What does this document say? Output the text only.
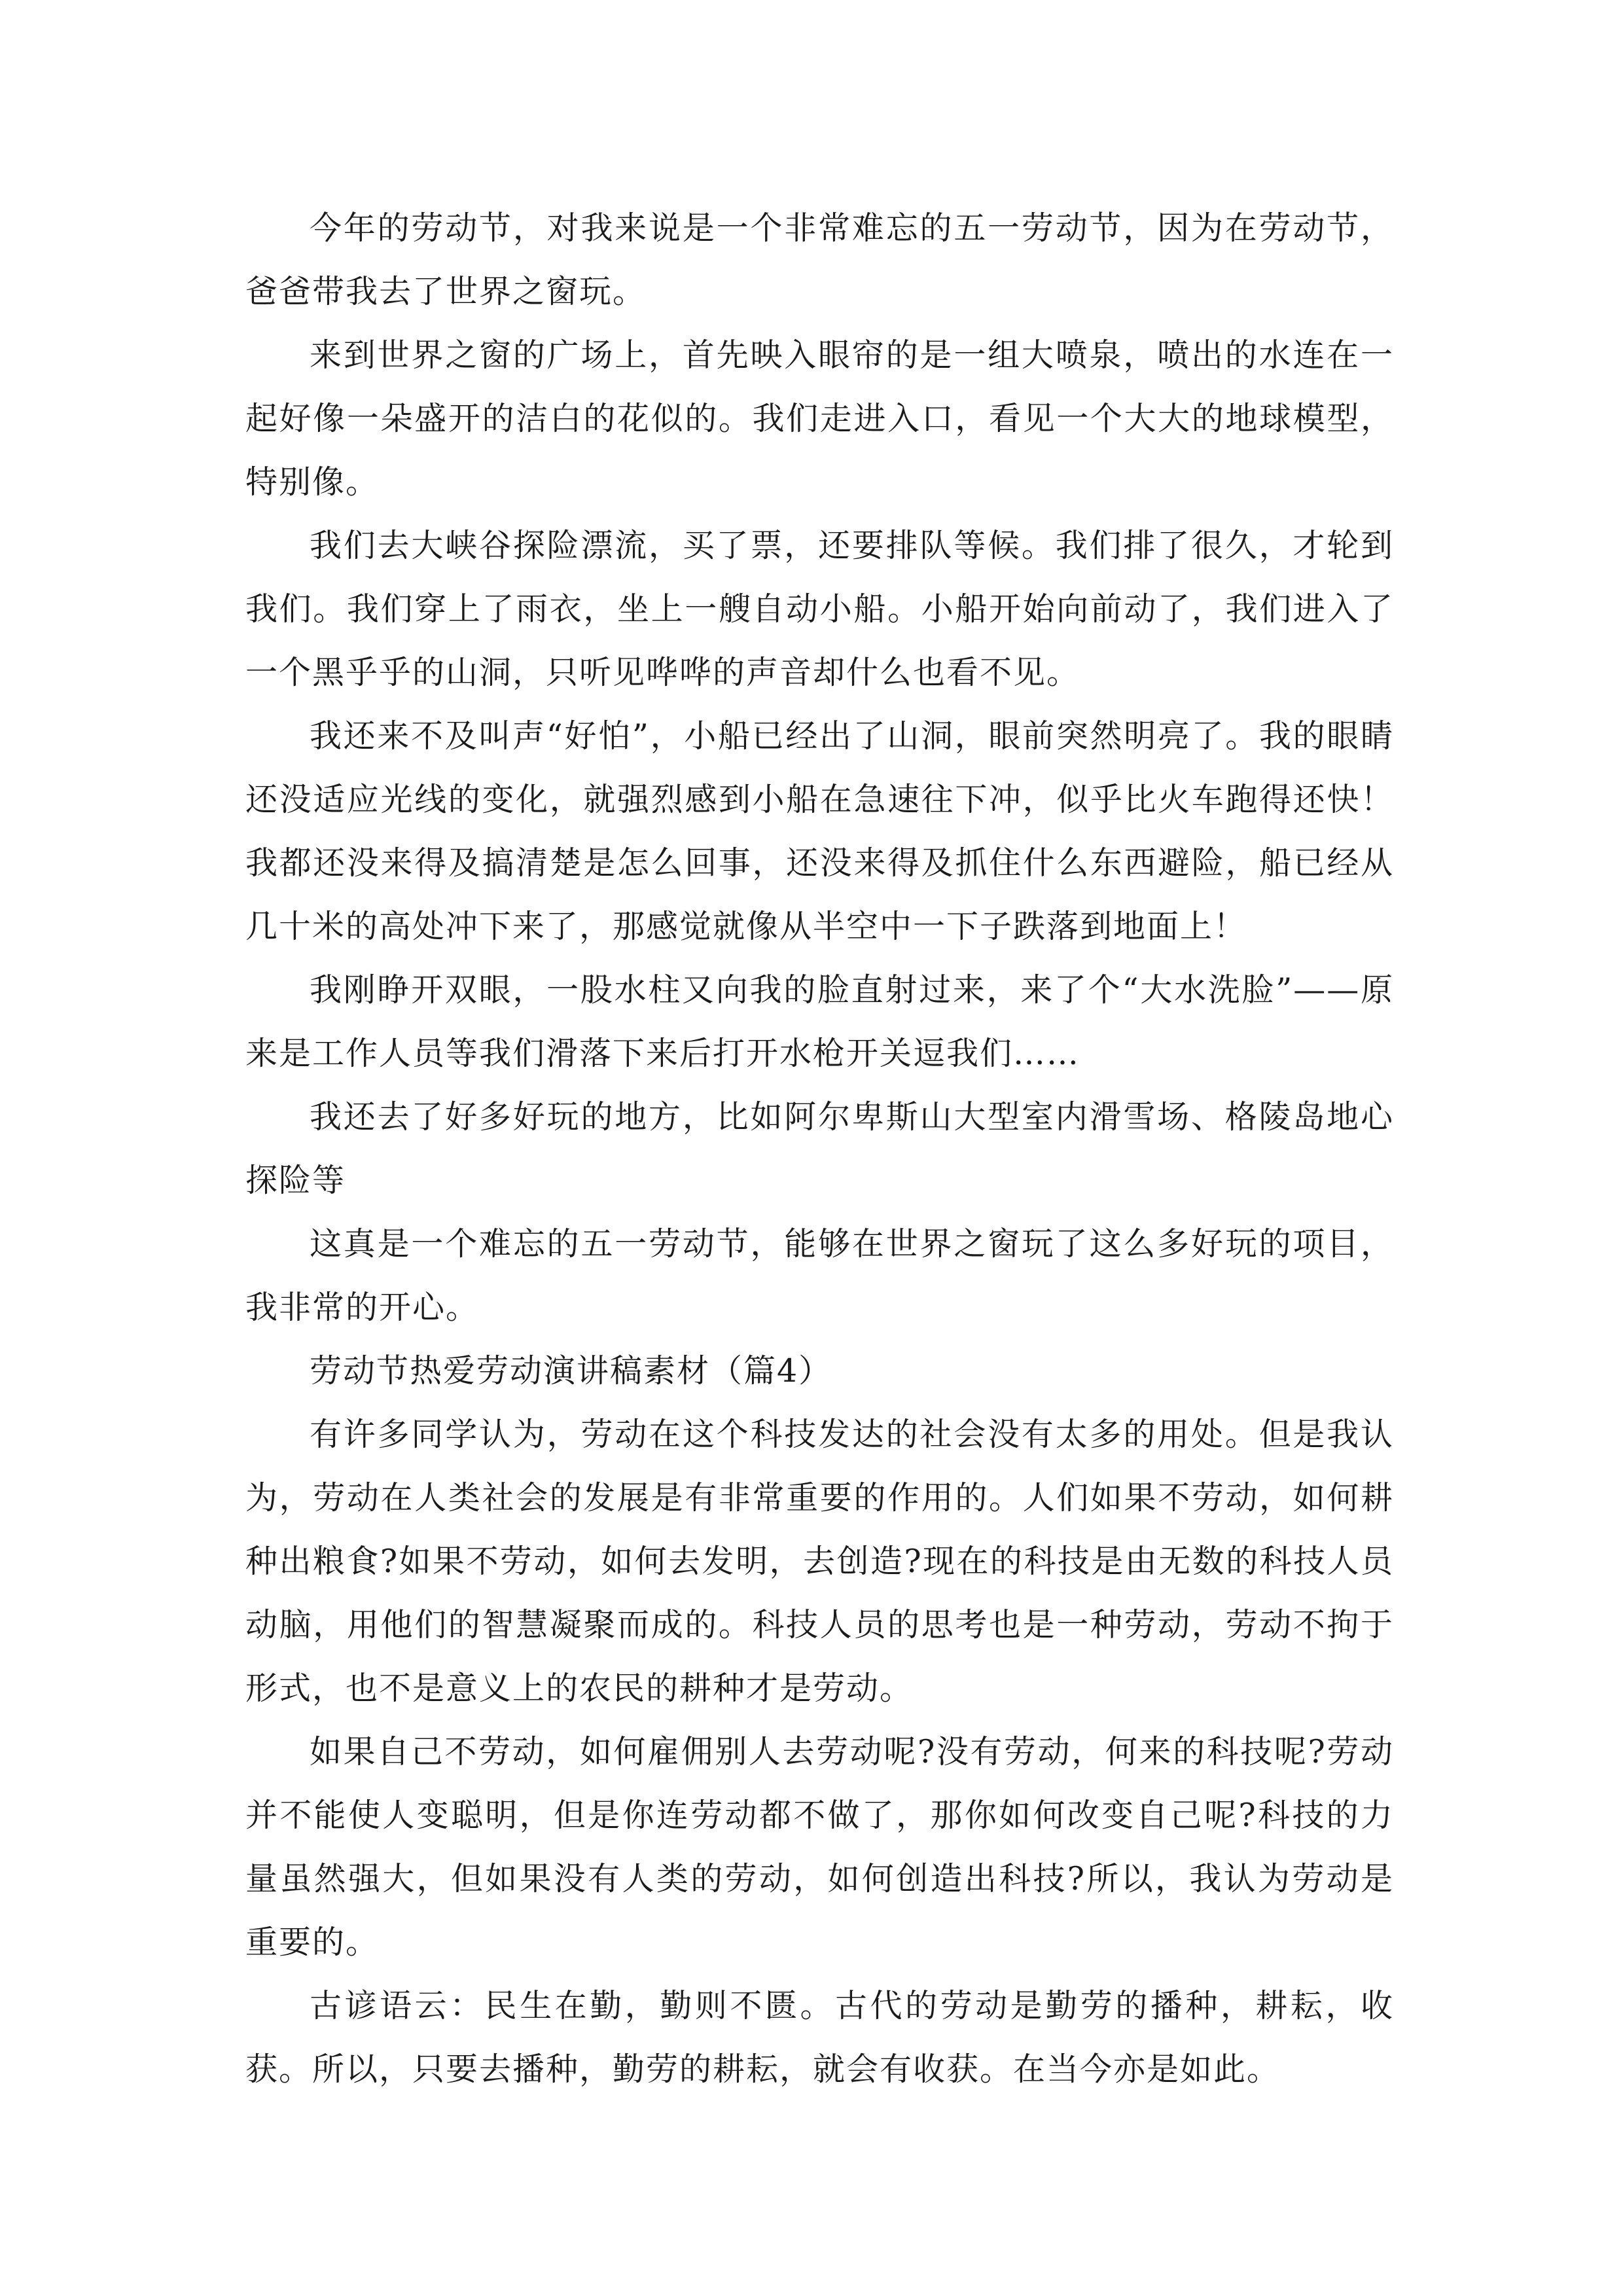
今年的劳动节，对我来说是一个非常难忘的五一劳动节，因为在劳动节，爸爸带我去了世界之窗玩。

来到世界之窗的广场上，首先映入眼帘的是一组大喷泉，喷出的水连在一起好像一朵盛开的洁白的花似的。我们走进入口，看见一个大大的地球模型，特别像。

我们去大峡谷探险漂流，买了票，还要排队等候。我们排了很久，才轮到我们。我们穿上了雨衣，坐上一艘自动小船。小船开始向前动了，我们进入了一个黑乎乎的山洞，只听见哗哗的声音却什么也看不见。

我还来不及叫声“好怕”，小船已经出了山洞，眼前突然明亮了。我的眼睛还没适应光线的变化，就强烈感到小船在急速往下冲，似乎比火车跑得还快！我都还没来得及搞清楚是怎么回事，还没来得及抓住什么东西避险，船已经从几十米的高处冲下来了，那感觉就像从半空中一下子跌落到地面上！

我刚睁开双眼，一股水柱又向我的脸直射过来，来了个“大水洗脸”——原来是工作人员等我们滑落下来后打开水枪开关逗我们……

我还去了好多好玩的地方，比如阿尔卑斯山大型室内滑雪场、格陵岛地心探险等

这真是一个难忘的五一劳动节，能够在世界之窗玩了这么多好玩的项目，我非常的开心。

劳动节热爱劳动演讲稿素材（篇4）

有许多同学认为，劳动在这个科技发达的社会没有太多的用处。但是我认为，劳动在人类社会的发展是有非常重要的作用的。人们如果不劳动，如何耕种出粮食?如果不劳动，如何去发明，去创造?现在的科技是由无数的科技人员动脑，用他们的智慧凝聚而成的。科技人员的思考也是一种劳动，劳动不拘于形式，也不是意义上的农民的耕种才是劳动。

如果自己不劳动，如何雇佣别人去劳动呢?没有劳动，何来的科技呢?劳动并不能使人变聪明，但是你连劳动都不做了，那你如何改变自己呢?科技的力量虽然强大，但如果没有人类的劳动，如何创造出科技?所以，我认为劳动是重要的。

古谚语云：民生在勤，勤则不匮。古代的劳动是勤劳的播种，耕耘，收获。所以，只要去播种，勤劳的耕耘，就会有收获。在当今亦是如此。
